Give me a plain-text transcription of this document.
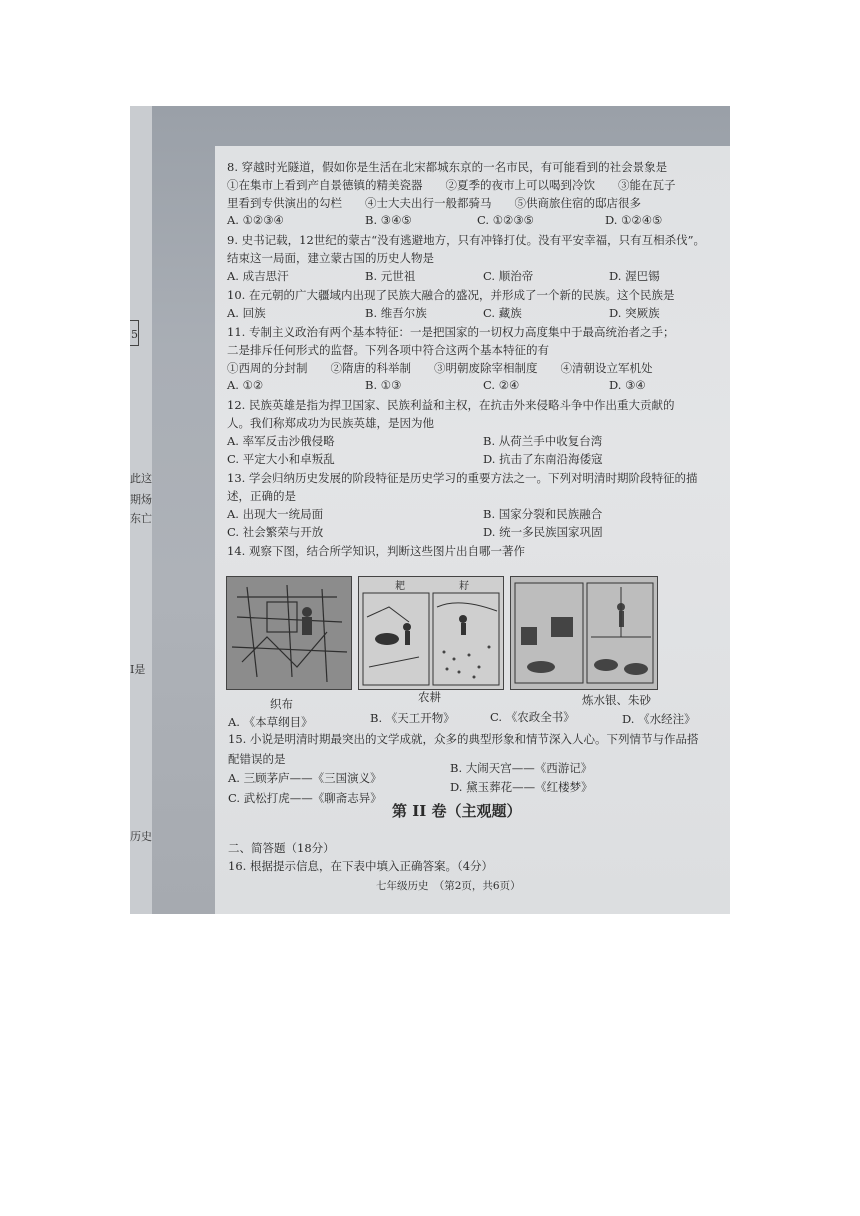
5
此这
期炀
东亡
I是
历史
8. 穿越时光隧道，假如你是生活在北宋都城东京的一名市民，有可能看到的社会景象是
①在集市上看到产自景德镇的精美瓷器　　②夏季的夜市上可以喝到冷饮　　③能在瓦子
里看到专供演出的勾栏　　④士大夫出行一般都骑马　　⑤供商旅住宿的邸店很多
A. ①②③④	B. ③④⑤	C. ①②③⑤	D. ①②④⑤
9. 史书记载，12世纪的蒙古“没有逃避地方，只有冲锋打仗。没有平安幸福，只有互相杀伐”。
结束这一局面，建立蒙古国的历史人物是
A. 成吉思汗	B. 元世祖	C. 顺治帝	D. 渥巴锡
10. 在元朝的广大疆域内出现了民族大融合的盛况，并形成了一个新的民族。这个民族是
A. 回族	B. 维吾尔族	C. 藏族	D. 突厥族
11. 专制主义政治有两个基本特征：一是把国家的一切权力高度集中于最高统治者之手；
二是排斥任何形式的监督。下列各项中符合这两个基本特征的有
①西周的分封制　　②隋唐的科举制　　③明朝废除宰相制度　　④清朝设立军机处
A. ①②	B. ①③	C. ②④	D. ③④
12. 民族英雄是指为捍卫国家、民族利益和主权，在抗击外来侵略斗争中作出重大贡献的
人。我们称郑成功为民族英雄，是因为他
A. 率军反击沙俄侵略	B. 从荷兰手中收复台湾
C. 平定大小和卓叛乱	D. 抗击了东南沿海倭寇
13. 学会归纳历史发展的阶段特征是历史学习的重要方法之一。下列对明清时期阶段特征的描
述，正确的是
A. 出现大一统局面	B. 国家分裂和民族融合
C. 社会繁荣与开放	D. 统一多民族国家巩固
14. 观察下图，结合所学知识，判断这些图片出自哪一著作
耙	耔
织布	农耕	炼水银、朱砂
A. 《本草纲目》	B. 《天工开物》	C. 《农政全书》	D. 《水经注》
15. 小说是明清时期最突出的文学成就，众多的典型形象和情节深入人心。下列情节与作品搭
配错误的是
A. 三顾茅庐——《三国演义》
B. 大闹天宫——《西游记》
C. 武松打虎——《聊斋志异》
D. 黛玉葬花——《红楼梦》
第 II 卷（主观题）
二、简答题（18分）
16. 根据提示信息，在下表中填入正确答案。（4分）
七年级历史　（第2页，共6页）
